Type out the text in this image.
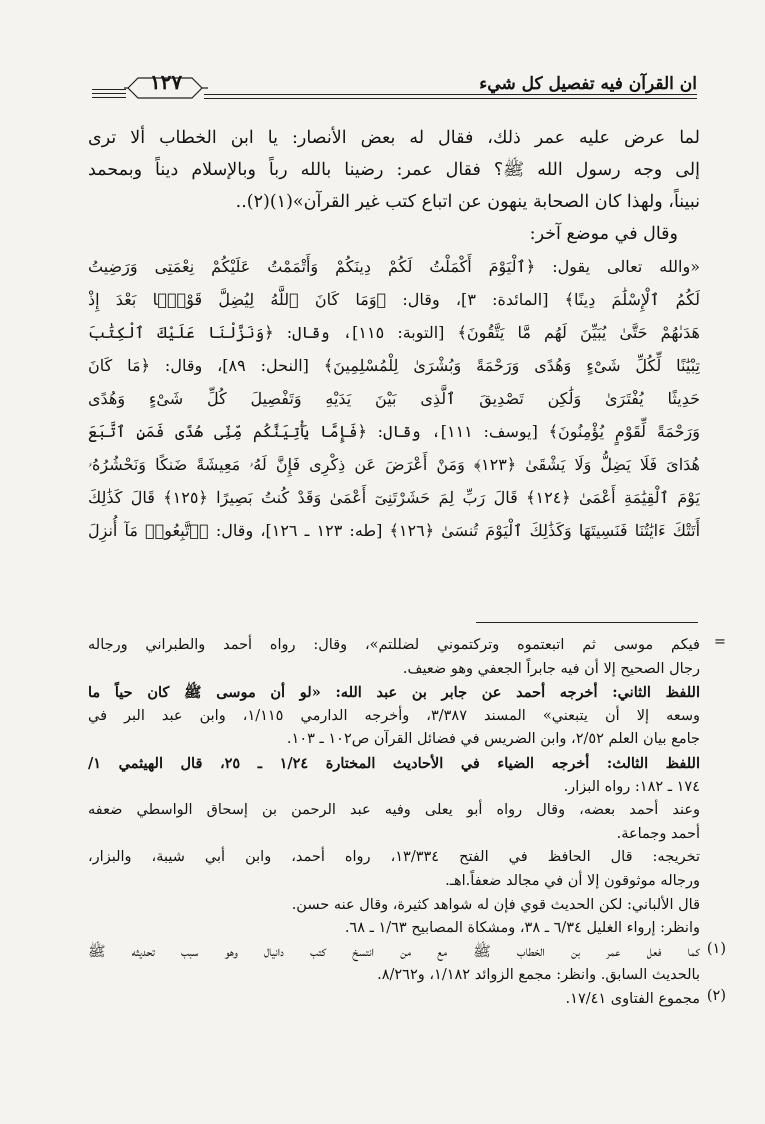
ان القرآن فيه تفصيل كل شيء
١٢٧
لما عرض عليه عمر ذلك، فقال له بعض الأنصار: يا ابن الخطاب ألا ترى
إلى وجه رسول الله ﷺ؟ فقال عمر: رضينا بالله رباً وبالإسلام ديناً وبمحمد
نبيناً، ولهذا كان الصحابة ينهون عن اتباع كتب غير القرآن»(١)(٢)..
وقال في موضع آخر:
«والله تعالى يقول: ﴿ٱلْيَوْمَ أَكْمَلْتُ لَكُمْ دِينَكُمْ وَأَتْمَمْتُ عَلَيْكُمْ نِعْمَتِى وَرَضِيتُ
لَكُمُ ٱلْإِسْلَٰمَ دِينًا﴾ [المائدة: ٣]، وقال: ﴿وَمَا كَانَ ٱللَّهُ لِيُضِلَّ قَوْمًۢا بَعْدَ إِذْ
هَدَىٰهُمْ حَتَّىٰ يُبَيِّنَ لَهُم مَّا يَتَّقُونَ﴾ [التوبة: ١١٥]، وقال: ﴿وَنَزَّلْنَا عَلَيْكَ ٱلْكِتَٰبَ
تِبْيَٰنًا لِّكُلِّ شَىْءٍ وَهُدًى وَرَحْمَةً وَبُشْرَىٰ لِلْمُسْلِمِينَ﴾ [النحل: ٨٩]، وقال: ﴿مَا كَانَ
حَدِيثًا يُفْتَرَىٰ وَلَٰكِن تَصْدِيقَ ٱلَّذِى بَيْنَ يَدَيْهِ وَتَفْصِيلَ كُلِّ شَىْءٍ وَهُدًى
وَرَحْمَةً لِّقَوْمٍ يُؤْمِنُونَ﴾ [يوسف: ١١١]، وقال: ﴿فَإِمَّا يَأْتِيَنَّكُم مِّنِّى هُدًى فَمَنِ ٱتَّبَعَ
هُدَاىَ فَلَا يَضِلُّ وَلَا يَشْقَىٰ ﴿١٢٣﴾ وَمَنْ أَعْرَضَ عَن ذِكْرِى فَإِنَّ لَهُۥ مَعِيشَةً ضَنكًا وَنَحْشُرُهُۥ
يَوْمَ ٱلْقِيَٰمَةِ أَعْمَىٰ ﴿١٢٤﴾ قَالَ رَبِّ لِمَ حَشَرْتَنِىٓ أَعْمَىٰ وَقَدْ كُنتُ بَصِيرًا ﴿١٢٥﴾ قَالَ كَذَٰلِكَ
أَتَتْكَ ءَايَٰتُنَا فَنَسِيتَهَا وَكَذَٰلِكَ ٱلْيَوْمَ تُنسَىٰ ﴿١٢٦﴾ [طه: ١٢٣ ـ ١٢٦]، وقال: ﴿ٱتَّبِعُوا۟ مَآ أُنزِلَ
=
فيكم موسى ثم اتبعتموه وتركتموني لضللتم»، وقال: رواه أحمد والطبراني ورجاله
رجال الصحيح إلا أن فيه جابراً الجعفي وهو ضعيف.
اللفظ الثاني: أخرجه أحمد عن جابر بن عبد الله: «لو أن موسى ﷺ كان حياً ما
وسعه إلا أن يتبعني» المسند ٣/٣٨٧، وأخرجه الدارمي ١/١١٥، وابن عبد البر في
جامع بيان العلم ٢/٥٢، وابن الضريس في فضائل القرآن ص١٠٢ ـ ١٠٣.
اللفظ الثالث: أخرجه الضياء في الأحاديث المختارة ١/٢٤ ـ ٢٥، قال الهيثمي ١/
١٧٤ ـ ١٨٢: رواه البزار.
وعند أحمد بعضه، وقال رواه أبو يعلى وفيه عبد الرحمن بن إسحاق الواسطي ضعفه
أحمد وجماعة.
تخريجه: قال الحافظ في الفتح ١٣/٣٣٤، رواه أحمد، وابن أبي شيبة، والبزار،
ورجاله موثوقون إلا أن في مجالد ضعفاً.اهـ.
قال الألباني: لكن الحديث قوي فإن له شواهد كثيرة، وقال عنه حسن.
وانظر: إرواء الغليل ٦/٣٤ ـ ٣٨، ومشكاة المصابيح ١/٦٣ ـ ٦٨.
(١)
كما فعل عمر بن الخطاب ﷺ مع من انتسخ كتب دانيال وهو سبب تحديثه ﷺ
بالحديث السابق. وانظر: مجمع الزوائد ١/١٨٢، و٨/٢٦٢.
(٢)
مجموع الفتاوى ١٧/٤١.
